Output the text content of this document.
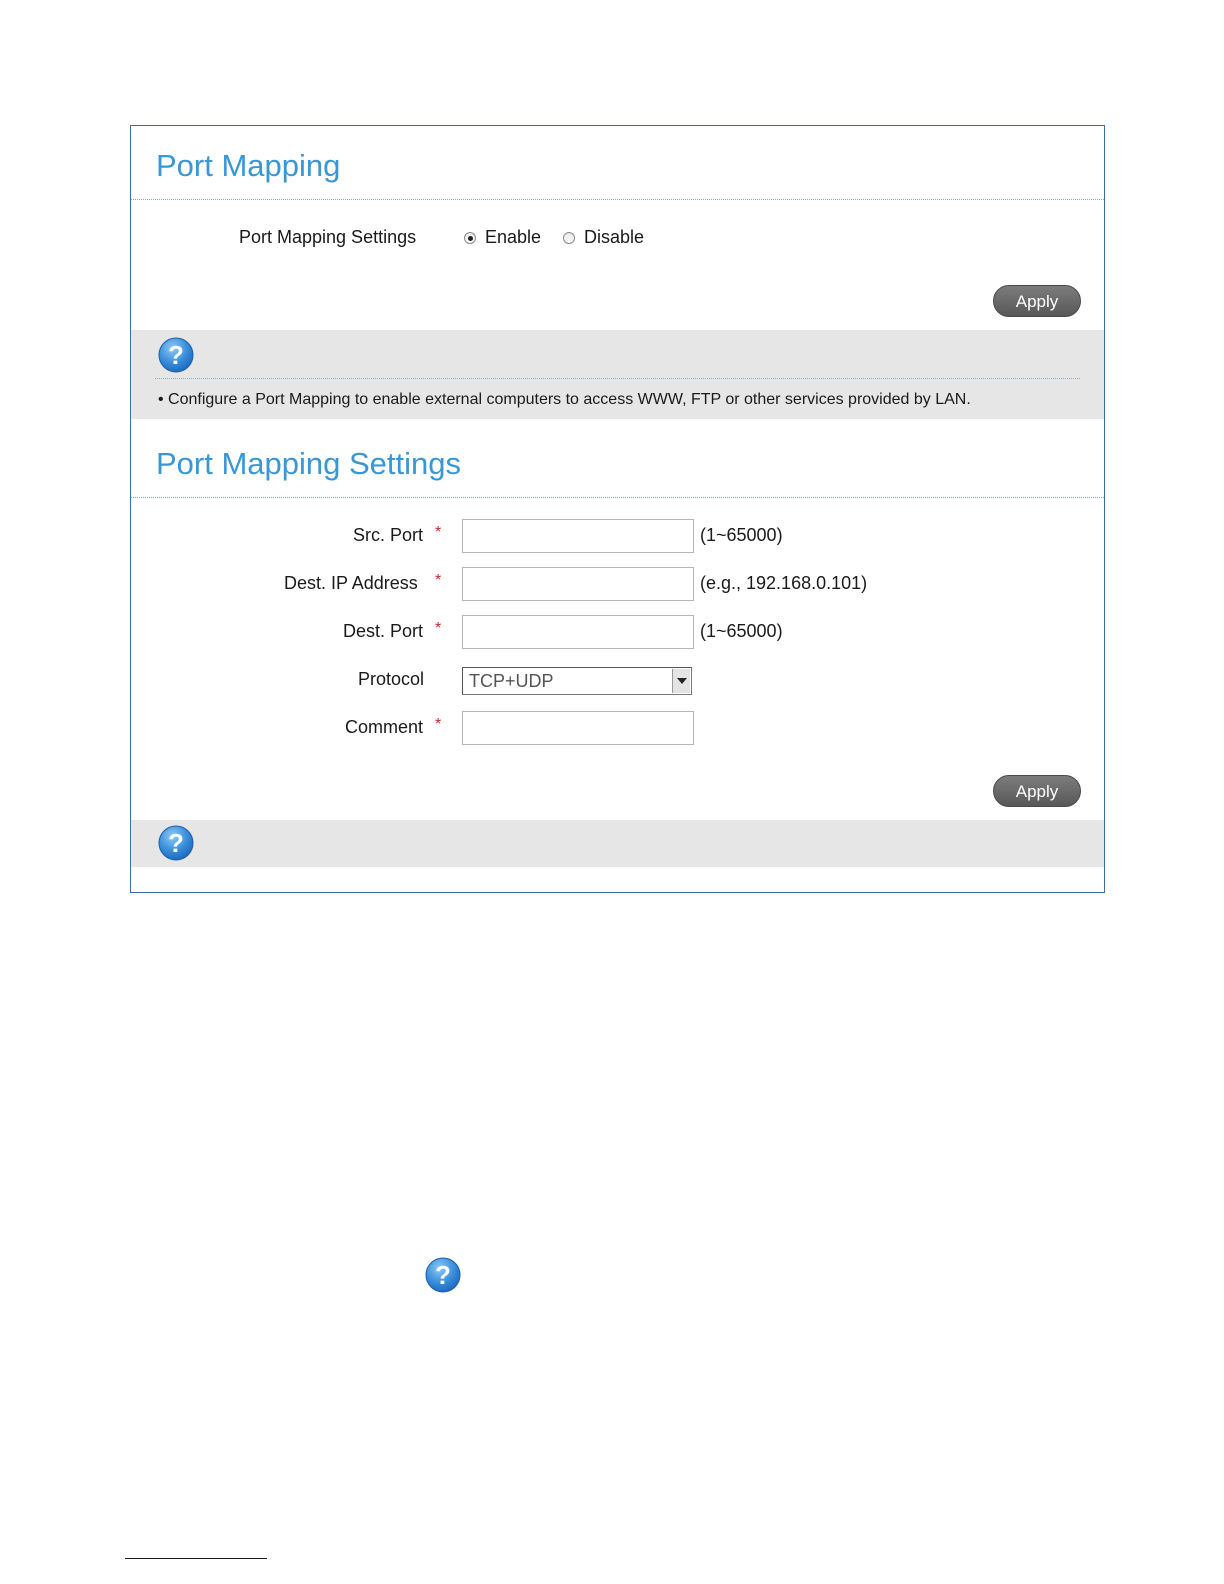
Port Mapping
Port Mapping Settings	Enable Disable
Apply
?
• Configure a Port Mapping to enable external computers to access WWW, FTP or other services provided by LAN.
Port Mapping Settings
Src. Port *	(1~65000)
Dest. IP Address *	(e.g., 192.168.0.101)
Dest. Port *	(1~65000)
Protocol TCP+UDP
Comment *
Apply
?
?
